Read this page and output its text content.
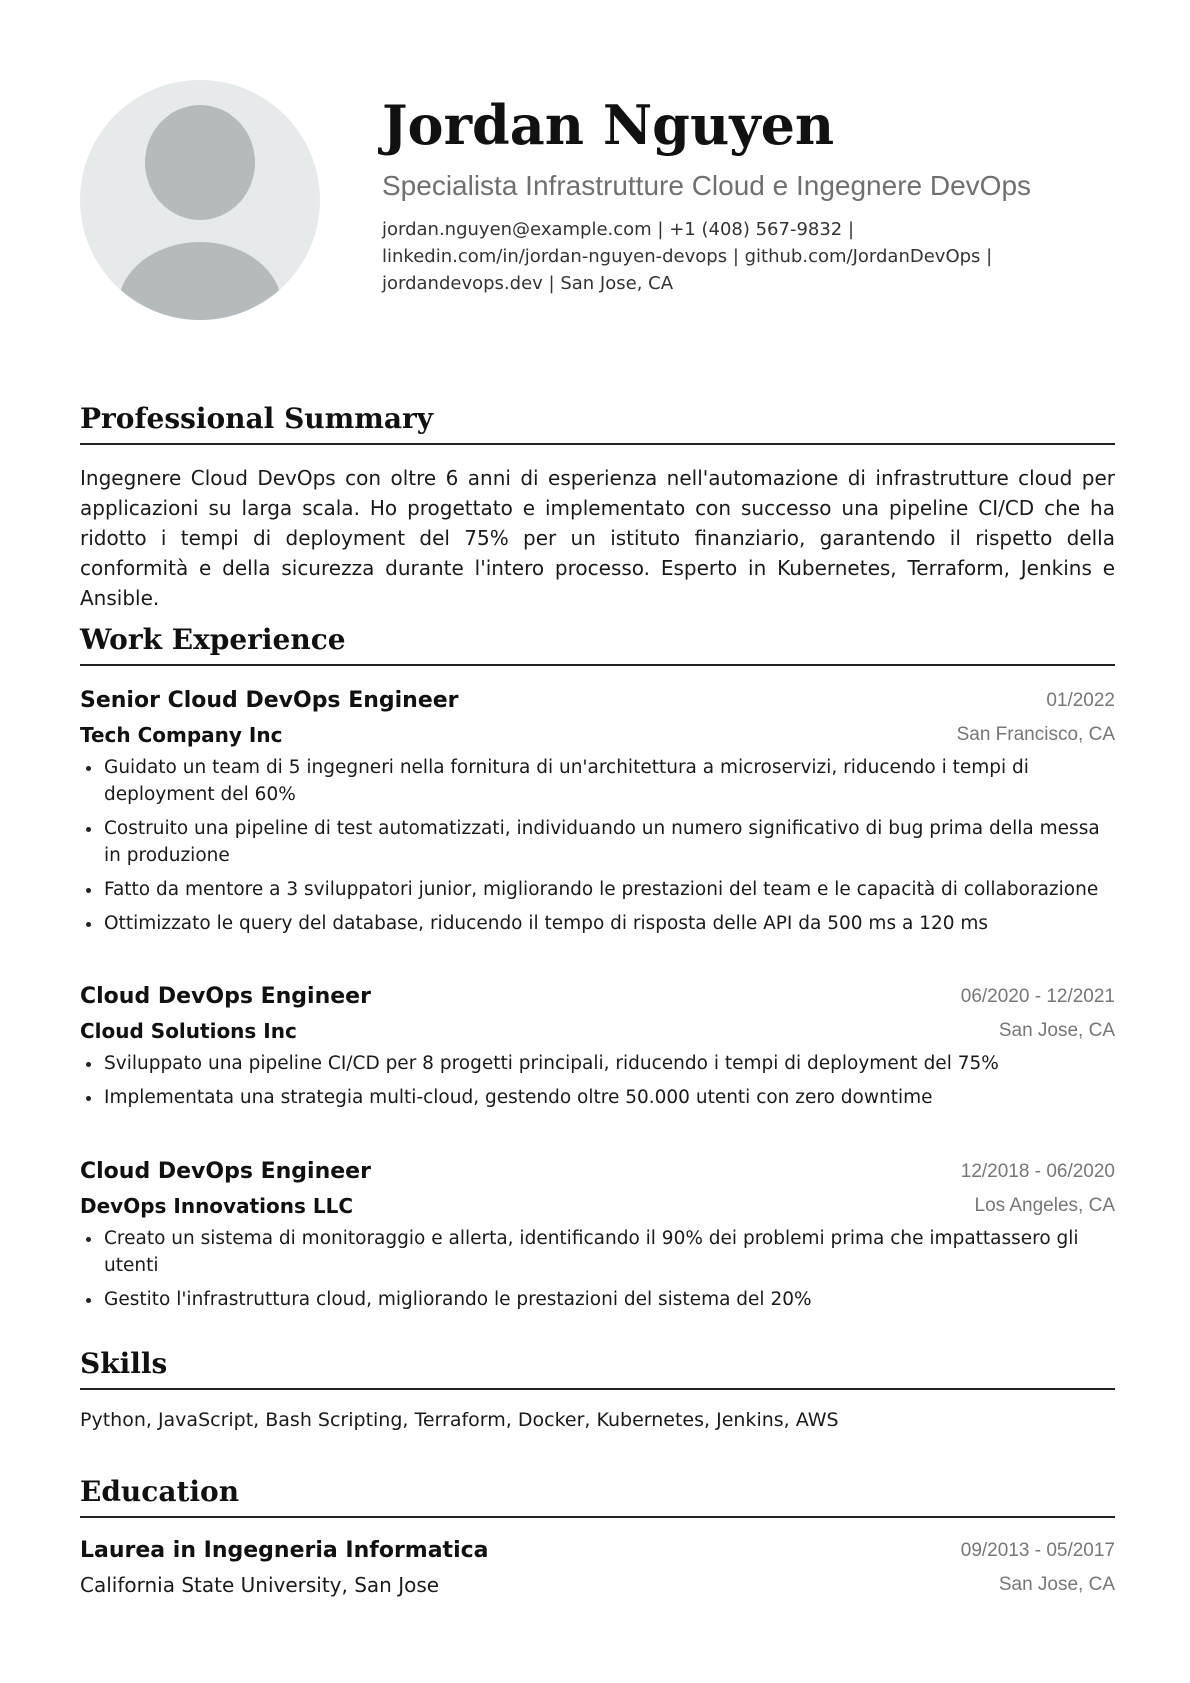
Jordan Nguyen
Specialista Infrastrutture Cloud e Ingegnere DevOps
jordan.nguyen@example.com | +1 (408) 567-9832 |
linkedin.com/in/jordan-nguyen-devops | github.com/JordanDevOps |
jordandevops.dev | San Jose, CA
Professional Summary
Ingegnere Cloud DevOps con oltre 6 anni di esperienza nell'automazione di infrastrutture cloud per applicazioni su larga scala. Ho progettato e implementato con successo una pipeline CI/CD che ha ridotto i tempi di deployment del 75% per un istituto finanziario, garantendo il rispetto della conformità e della sicurezza durante l'intero processo. Esperto in Kubernetes, Terraform, Jenkins e Ansible.
Work Experience
Senior Cloud DevOps Engineer	01/2022
Tech Company Inc	San Francisco, CA
Guidato un team di 5 ingegneri nella fornitura di un'architettura a microservizi, riducendo i tempi di deployment del 60%
Costruito una pipeline di test automatizzati, individuando un numero significativo di bug prima della messa in produzione
Fatto da mentore a 3 sviluppatori junior, migliorando le prestazioni del team e le capacità di collaborazione
Ottimizzato le query del database, riducendo il tempo di risposta delle API da 500 ms a 120 ms
Cloud DevOps Engineer	06/2020 - 12/2021
Cloud Solutions Inc	San Jose, CA
Sviluppato una pipeline CI/CD per 8 progetti principali, riducendo i tempi di deployment del 75%
Implementata una strategia multi-cloud, gestendo oltre 50.000 utenti con zero downtime
Cloud DevOps Engineer	12/2018 - 06/2020
DevOps Innovations LLC	Los Angeles, CA
Creato un sistema di monitoraggio e allerta, identificando il 90% dei problemi prima che impattassero gli utenti
Gestito l'infrastruttura cloud, migliorando le prestazioni del sistema del 20%
Skills
Python, JavaScript, Bash Scripting, Terraform, Docker, Kubernetes, Jenkins, AWS
Education
Laurea in Ingegneria Informatica	09/2013 - 05/2017
California State University, San Jose	San Jose, CA
